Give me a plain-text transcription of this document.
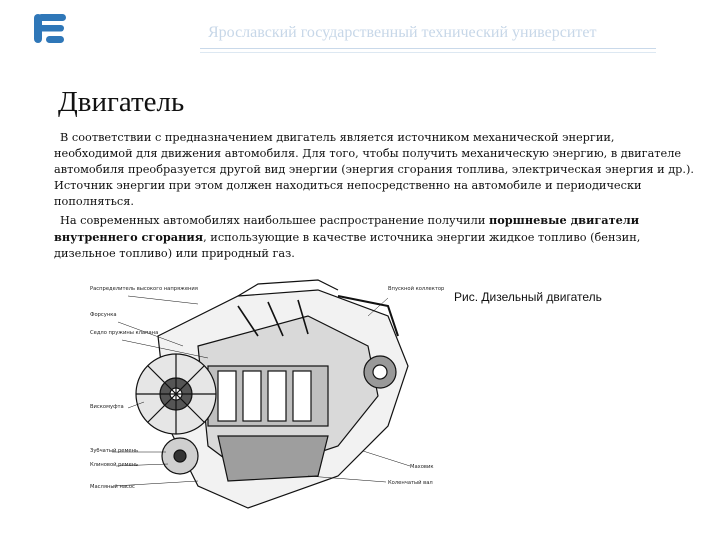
Ярославский государственный технический университет
Двигатель

В соответствии с предназначением двигатель является источником механической энергии, необходимой для движения автомобиля. Для того, чтобы получить механическую энергию, в двигателе автомобиля преобразуется другой вид энергии (энергия сгорания топлива, электрическая энергия и др.). Источник энергии при этом должен находиться непосредственно на автомобиле и периодически пополняться.

На современных автомобилях наибольшее распространение получили поршневые двигатели внутреннего сгорания, использующие в качестве источника энергии жидкое топливо (бензин, дизельное топливо) или природный газ.

Рис. Дизельный двигатель
Распределитель высокого напряжения
Форсунка
Седло пружины клапана
Вискомуфта
Зубчатый ремень
Клиновой ремень
Масляный насос
Впускной коллектор
Маховик
Коленчатый вал
